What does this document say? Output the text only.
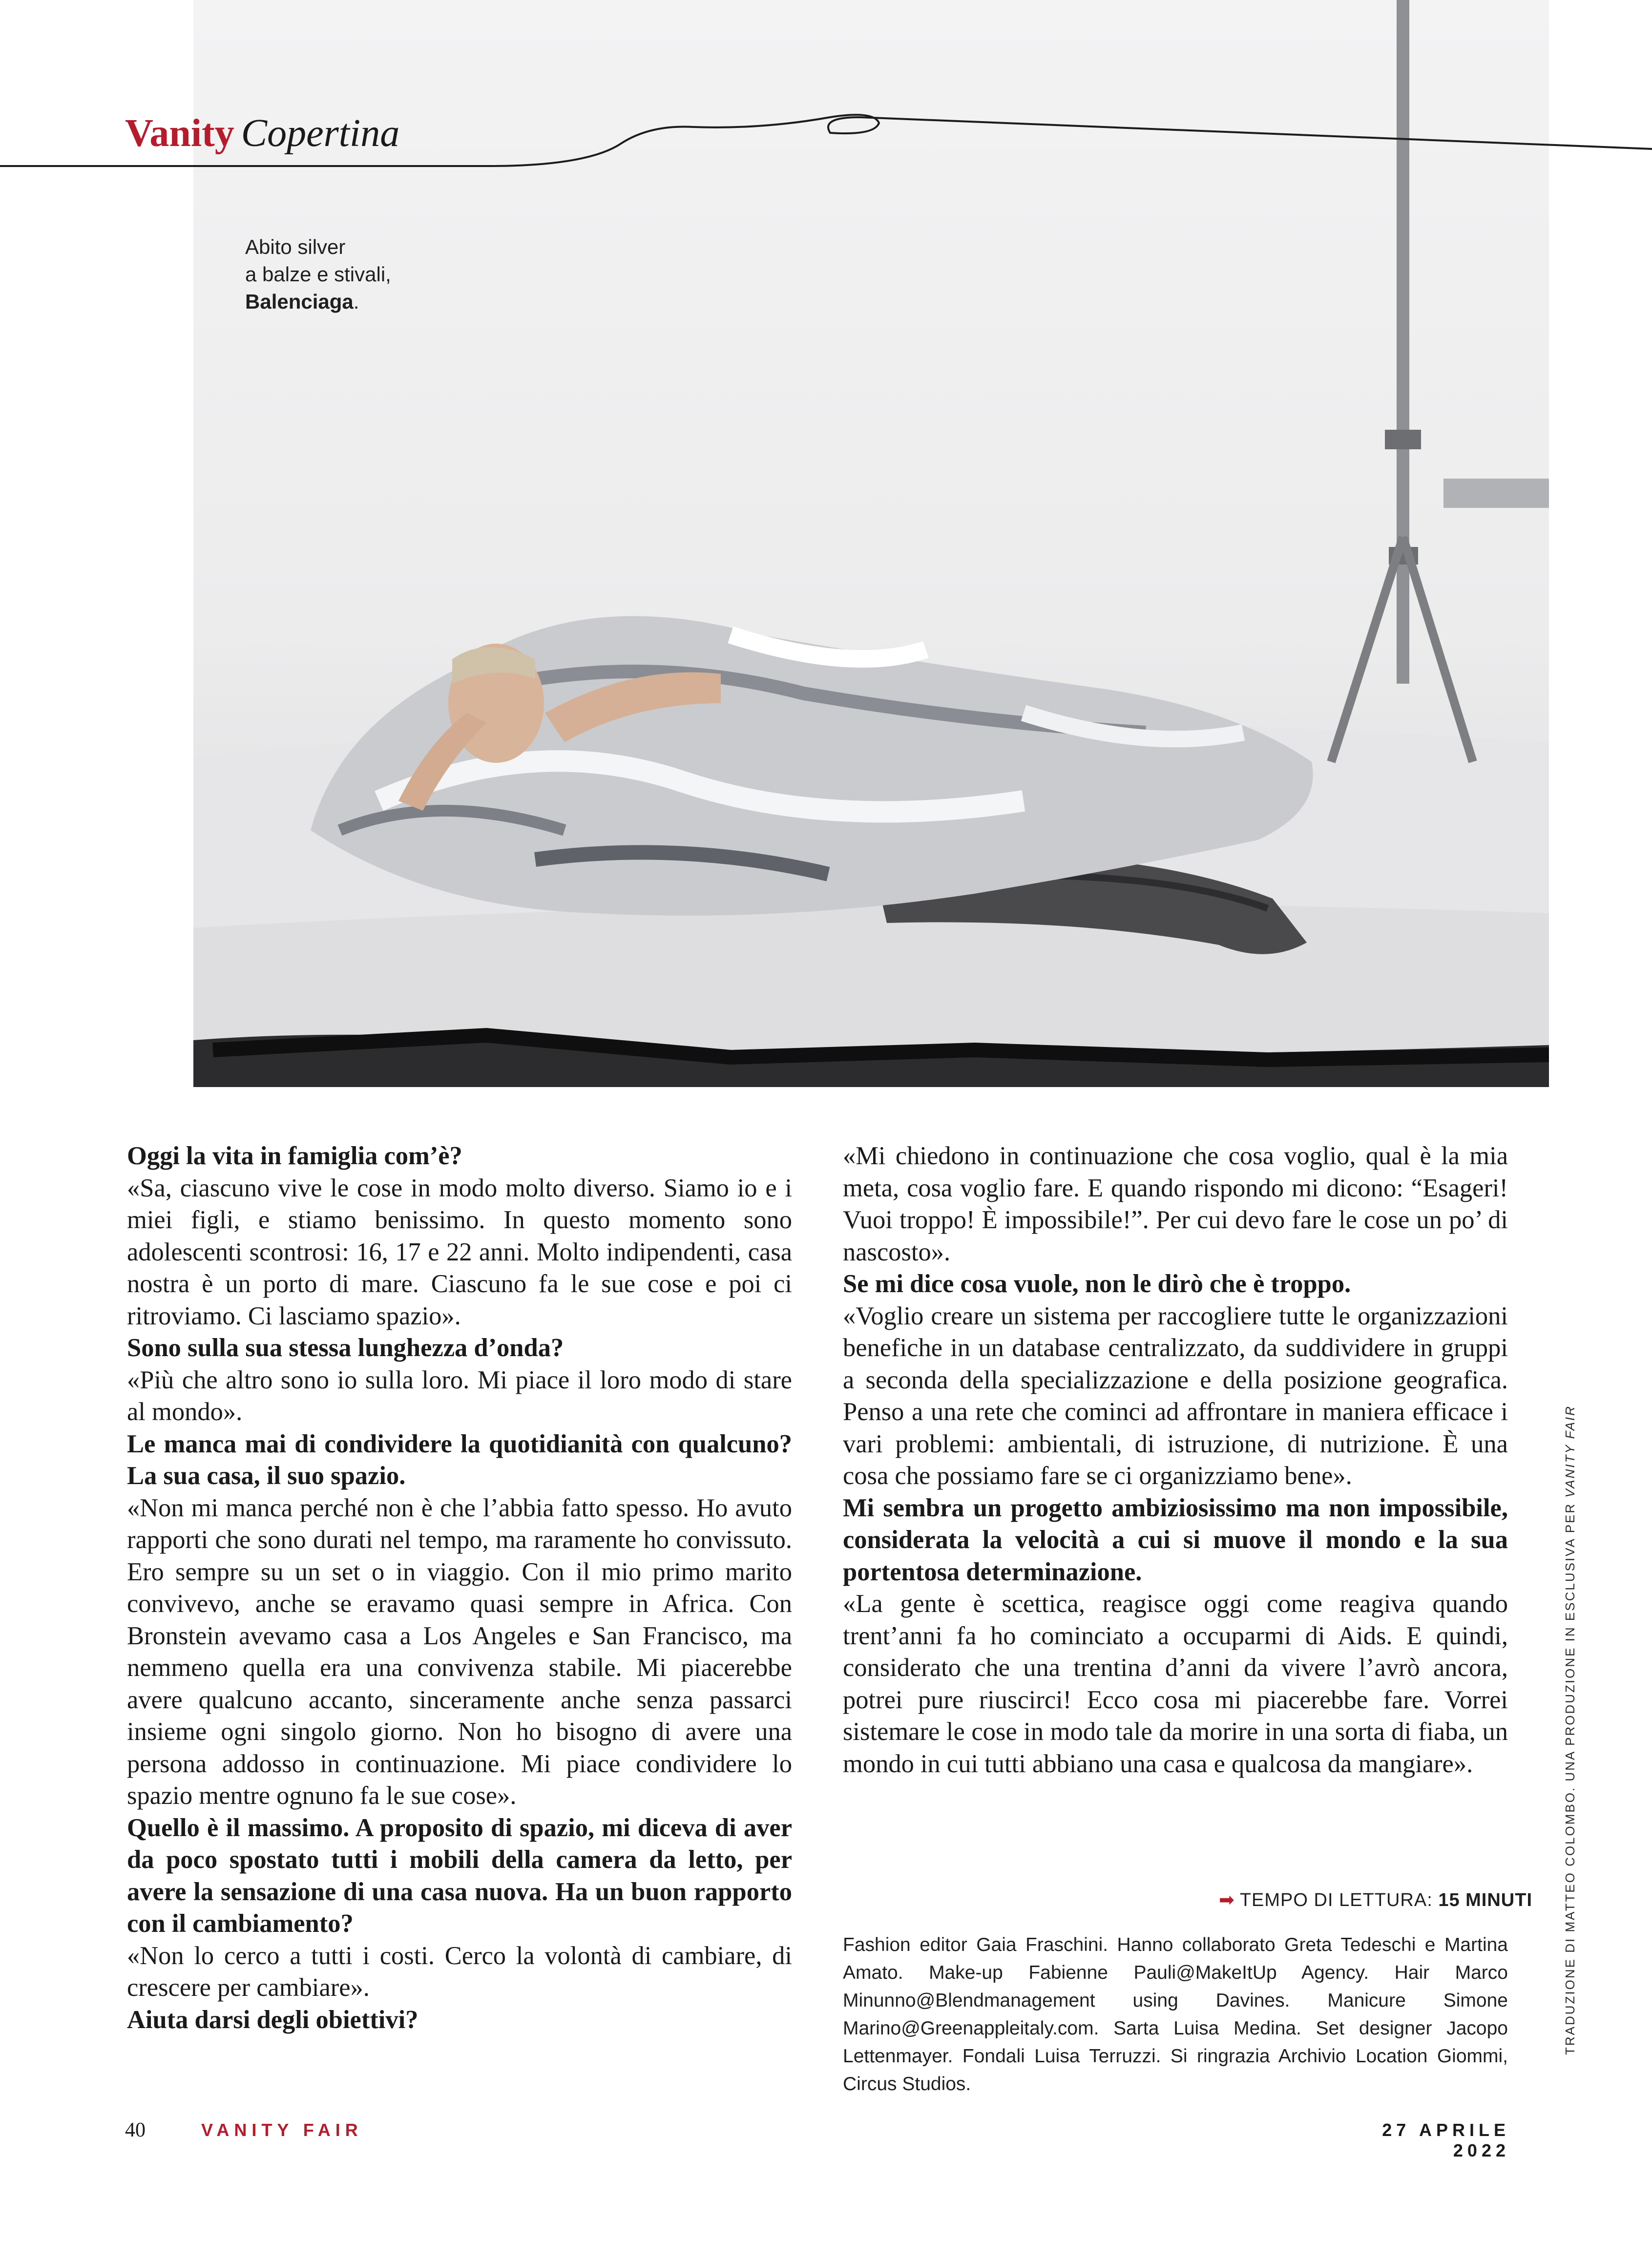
Vanity Copertina
Abito silver
a balze e stivali,
Balenciaga.

Oggi la vita in famiglia com’è?

«Sa, ciascuno vive le cose in modo molto diverso. Siamo io e i miei figli, e stiamo benissimo. In questo momento sono adolescenti scontrosi: 16, 17 e 22 anni. Molto indipendenti, casa nostra è un porto di mare. Ciascuno fa le sue cose e poi ci ritroviamo. Ci lasciamo spazio».

Sono sulla sua stessa lunghezza d’onda?

«Più che altro sono io sulla loro. Mi piace il loro modo di stare al mondo».

Le manca mai di condividere la quotidianità con qualcuno? La sua casa, il suo spazio.

«Non mi manca perché non è che l’abbia fatto spesso. Ho avuto rapporti che sono durati nel tempo, ma raramente ho convissuto. Ero sempre su un set o in viaggio. Con il mio primo marito convivevo, anche se eravamo quasi sempre in Africa. Con Bronstein avevamo casa a Los Angeles e San Francisco, ma nemmeno quella era una convivenza stabile. Mi piacerebbe avere qualcuno accanto, sinceramente anche senza passarci insieme ogni singolo giorno. Non ho bisogno di avere una persona addosso in continuazione. Mi piace condividere lo spazio mentre ognuno fa le sue cose».

Quello è il massimo. A proposito di spazio, mi diceva di aver da poco spostato tutti i mobili della camera da letto, per avere la sensazione di una casa nuova. Ha un buon rapporto con il cambiamento?

«Non lo cerco a tutti i costi. Cerco la volontà di cambiare, di crescere per cambiare».

Aiuta darsi degli obiettivi?

«Mi chiedono in continuazione che cosa voglio, qual è la mia meta, cosa voglio fare. E quando rispondo mi dicono: “Esageri! Vuoi troppo! È impossibile!”. Per cui devo fare le cose un po’ di nascosto».

Se mi dice cosa vuole, non le dirò che è troppo.

«Voglio creare un sistema per raccogliere tutte le organizzazioni benefiche in un database centralizzato, da suddividere in gruppi a seconda della specializzazione e della posizione geografica. Penso a una rete che cominci ad affrontare in maniera efficace i vari problemi: ambientali, di istruzione, di nutrizione. È una cosa che possiamo fare se ci organizziamo bene».

Mi sembra un progetto ambiziosissimo ma non impossibile, considerata la velocità a cui si muove il mondo e la sua portentosa determinazione.

«La gente è scettica, reagisce oggi come reagiva quando trent’anni fa ho cominciato a occuparmi di Aids. E quindi, considerato che una trentina d’anni da vivere l’avrò ancora, potrei pure riuscirci! Ecco cosa mi piacerebbe fare. Vorrei sistemare le cose in modo tale da morire in una sorta di fiaba, un mondo in cui tutti abbiano una casa e qualcosa da mangiare».

➡ TEMPO DI LETTURA: 15 MINUTI
Fashion editor Gaia Fraschini. Hanno collaborato Greta Tedeschi e Martina Amato. Make-up Fabienne Pauli@MakeItUp Agency. Hair Marco Minunno@Blendmanagement using Davines. Manicure Simone Marino@Greenappleitaly.com. Sarta Luisa Medina. Set designer Jacopo Lettenmayer. Fondali Luisa Terruzzi. Si ringrazia Archivio Location Giommi, Circus Studios.
TRADUZIONE DI MATTEO COLOMBO. UNA PRODUZIONE IN ESCLUSIVA PER VANITY FAIR
40	VANITY FAIR	27 APRILE 2022
